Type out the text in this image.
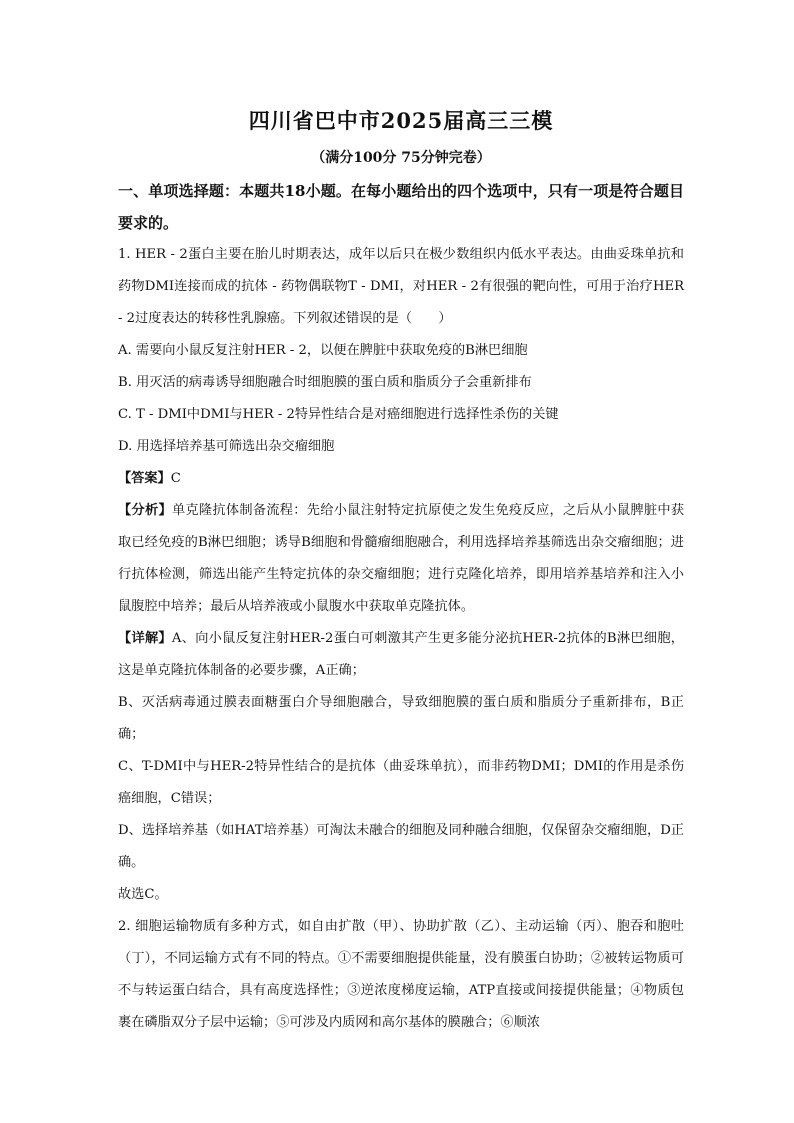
四川省巴中市2025届高三三模
（满分100分 75分钟完卷）
一、单项选择题：本题共18小题。在每小题给出的四个选项中，只有一项是符合题目要求的。

1. HER - 2蛋白主要在胎儿时期表达，成年以后只在极少数组织内低水平表达。由曲妥珠单抗和药物DMI连接而成的抗体 - 药物偶联物T - DMI，对HER - 2有很强的靶向性，可用于治疗HER - 2过度表达的转移性乳腺癌。下列叙述错误的是（　　）

A. 需要向小鼠反复注射HER - 2，以便在脾脏中获取免疫的B淋巴细胞

B. 用灭活的病毒诱导细胞融合时细胞膜的蛋白质和脂质分子会重新排布

C. T - DMI中DMI与HER - 2特异性结合是对癌细胞进行选择性杀伤的关键

D. 用选择培养基可筛选出杂交瘤细胞

【答案】C

【分析】单克隆抗体制备流程：先给小鼠注射特定抗原使之发生免疫反应，之后从小鼠脾脏中获取已经免疫的B淋巴细胞；诱导B细胞和骨髓瘤细胞融合，利用选择培养基筛选出杂交瘤细胞；进行抗体检测，筛选出能产生特定抗体的杂交瘤细胞；进行克隆化培养，即用培养基培养和注入小鼠腹腔中培养；最后从培养液或小鼠腹水中获取单克隆抗体。

【详解】A、向小鼠反复注射HER-2蛋白可刺激其产生更多能分泌抗HER-2抗体的B淋巴细胞，这是单克隆抗体制备的必要步骤，A正确；

B、灭活病毒通过膜表面糖蛋白介导细胞融合，导致细胞膜的蛋白质和脂质分子重新排布，B正确；

C、T-DMI中与HER-2特异性结合的是抗体（曲妥珠单抗），而非药物DMI；DMI的作用是杀伤癌细胞，C错误；

D、选择培养基（如HAT培养基）可淘汰未融合的细胞及同种融合细胞，仅保留杂交瘤细胞，D正确。

故选C。

2. 细胞运输物质有多种方式，如自由扩散（甲）、协助扩散（乙）、主动运输（丙）、胞吞和胞吐（丁），不同运输方式有不同的特点。①不需要细胞提供能量，没有膜蛋白协助；②被转运物质可不与转运蛋白结合，具有高度选择性；③逆浓度梯度运输，ATP直接或间接提供能量；④物质包裹在磷脂双分子层中运输；⑤可涉及内质网和高尔基体的膜融合；⑥顺浓
